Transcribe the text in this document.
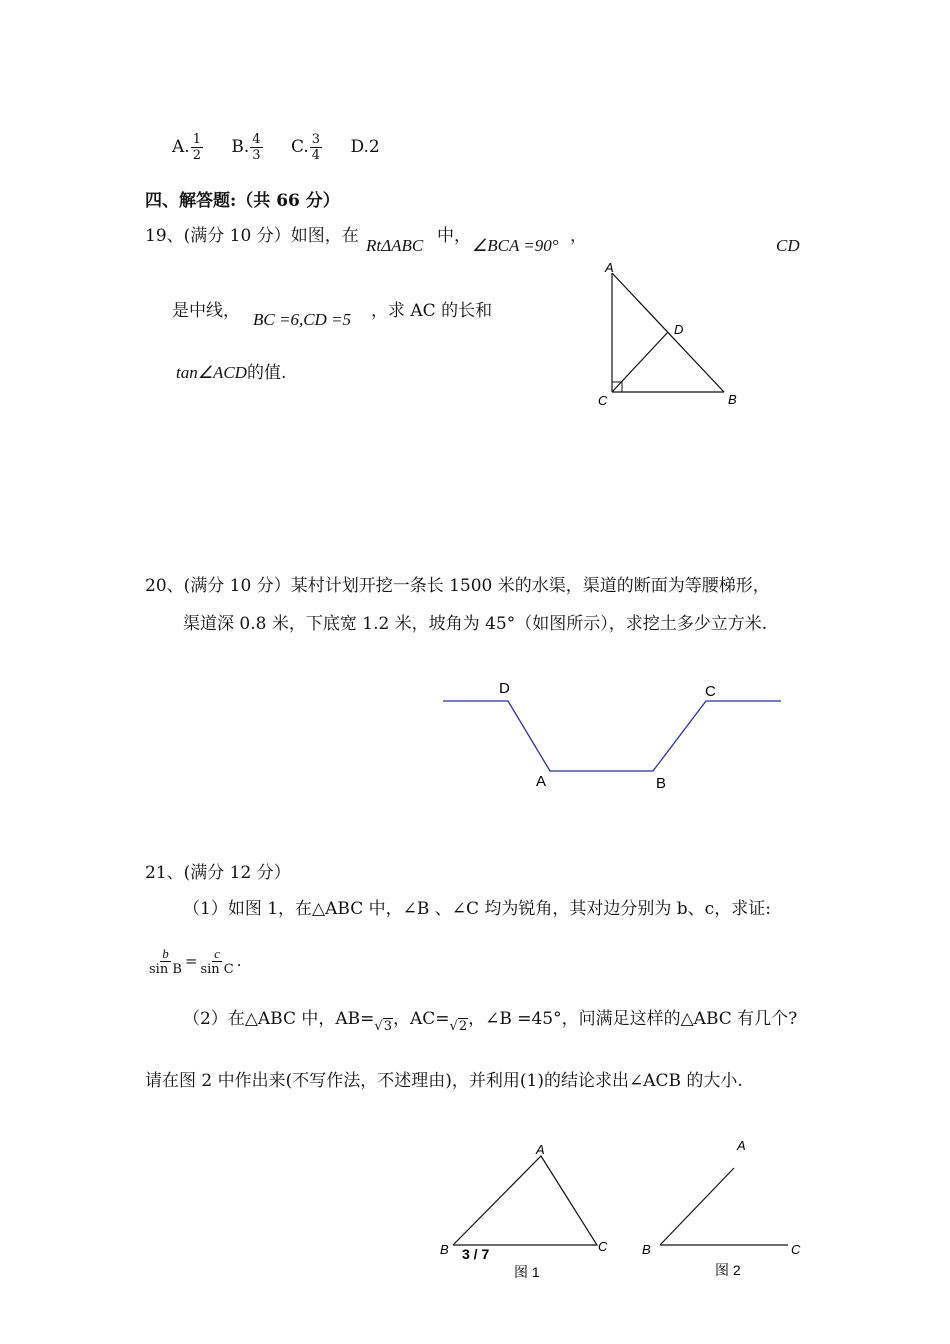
A. $\frac{1}{2} B$. $\frac{4}{3} C$. $\frac{3}{4} D.2$
四、解答题:（共 66 分）
19、(满分 10 分）如图，在 RtΔABC 中， ∠BCA =90° ，	CD
是中线， BC =6,CD =5 ，求 AC 的长和
tan∠ACD的值.
A
D
C	B
20、(满分 10 分）某村计划开挖一条长 1500 米的水渠，渠道的断面为等腰梯形，
渠道深 0.8 米，下底宽 1.2 米，坡角为 45°（如图所示），求挖土多少立方米.
D	C
A	B
21、(满分 12 分）
（1）如图 1，在△ABC 中，∠B 、∠C 均为锐角，其对边分别为 b、c，求证:
$\frac{b}{\text{sin B}} = \frac{c}{\text{sin C}}$ .
（2）在△ABC 中，AB=√3，AC=√2，∠B =45°，问满足这样的△ABC 有几个?
请在图 2 中作出来(不写作法，不述理由)，并利用(1)的结论求出∠ACB 的大小.
A
B	C
3 / 7
图 1
A
B	C
图 2
